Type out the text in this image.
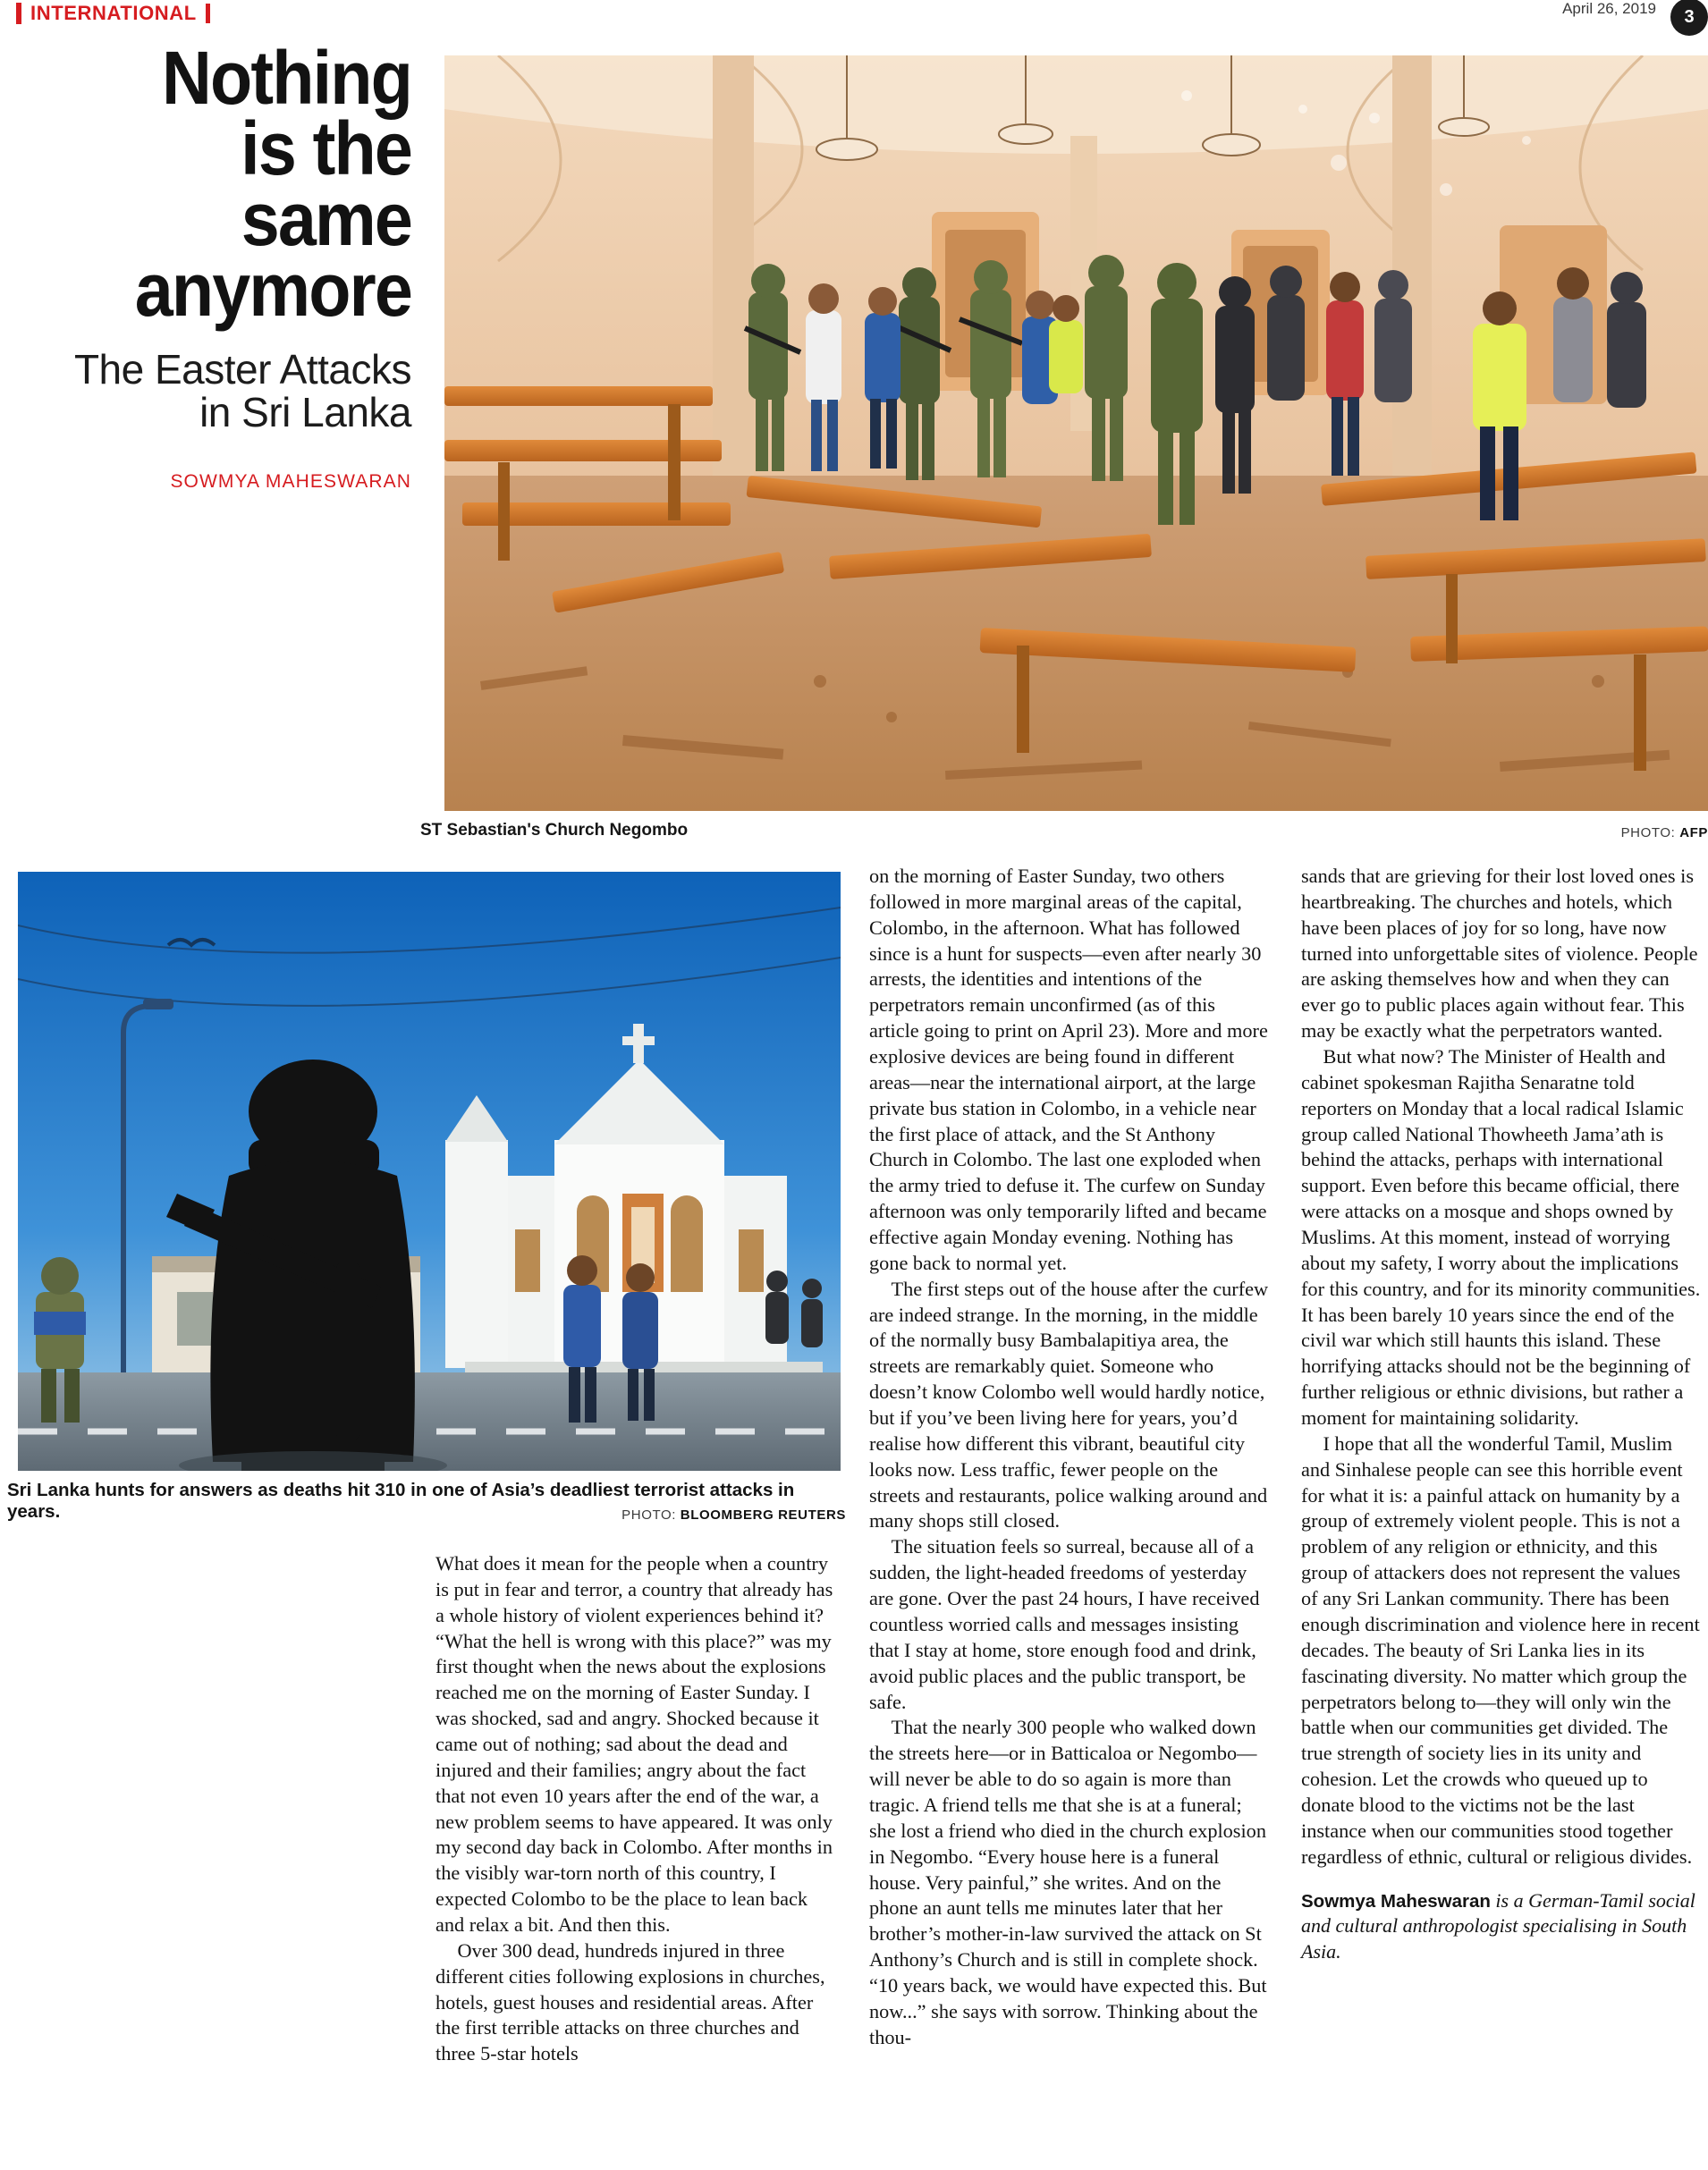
INTERNATIONAL	April 26, 2019	3
Nothing
is the
same
anymore
The Easter Attacks
in Sri Lanka
SOWMYA MAHESWARAN
ST Sebastian's Church Negombo	PHOTO: AFP
Sri Lanka hunts for answers as deaths hit 310 in one of Asia’s deadliest terrorist attacks in years.	PHOTO: BLOOMBERG REUTERS

What does it mean for the people when a country is put in fear and terror, a country that already has a whole history of violent experiences behind it? “What the hell is wrong with this place?” was my first thought when the news about the explosions reached me on the morning of Easter Sunday. I was shocked, sad and angry. Shocked because it came out of nothing; sad about the dead and injured and their families; angry about the fact that not even 10 years after the end of the war, a new problem seems to have appeared. It was only my second day back in Colombo. After months in the visibly war-torn north of this country, I expected Colombo to be the place to lean back and relax a bit. And then this.

Over 300 dead, hundreds injured in three different cities following explosions in churches, hotels, guest houses and residential areas. After the first terrible attacks on three churches and three 5-star hotels

on the morning of Easter Sunday, two others followed in more marginal areas of the capital, Colombo, in the afternoon. What has followed since is a hunt for suspects—even after nearly 30 arrests, the identities and intentions of the perpetrators remain unconfirmed (as of this article going to print on April 23). More and more explosive devices are being found in different areas—near the international airport, at the large private bus station in Colombo, in a vehicle near the first place of attack, and the St Anthony Church in Colombo. The last one exploded when the army tried to defuse it. The curfew on Sunday afternoon was only temporarily lifted and became effective again Monday evening. Nothing has gone back to normal yet.

The first steps out of the house after the curfew are indeed strange. In the morning, in the middle of the normally busy Bambalapitiya area, the streets are remarkably quiet. Someone who doesn’t know Colombo well would hardly notice, but if you’ve been living here for years, you’d realise how different this vibrant, beautiful city looks now. Less traffic, fewer people on the streets and restaurants, police walking around and many shops still closed.

The situation feels so surreal, because all of a sudden, the light-headed freedoms of yesterday are gone. Over the past 24 hours, I have received countless worried calls and messages insisting that I stay at home, store enough food and drink, avoid public places and the public transport, be safe.

That the nearly 300 people who walked down the streets here—or in Batticaloa or Negombo—will never be able to do so again is more than tragic. A friend tells me that she is at a funeral; she lost a friend who died in the church explosion in Negombo. “Every house here is a funeral house. Very painful,” she writes. And on the phone an aunt tells me minutes later that her brother’s mother-in-law survived the attack on St Anthony’s Church and is still in complete shock. “10 years back, we would have expected this. But now...” she says with sorrow. Thinking about the thou-

sands that are grieving for their lost loved ones is heartbreaking. The churches and hotels, which have been places of joy for so long, have now turned into unforgettable sites of violence. People are asking themselves how and when they can ever go to public places again without fear. This may be exactly what the perpetrators wanted.

But what now? The Minister of Health and cabinet spokesman Rajitha Senaratne told reporters on Monday that a local radical Islamic group called National Thowheeth Jama’ath is behind the attacks, perhaps with international support. Even before this became official, there were attacks on a mosque and shops owned by Muslims. At this moment, instead of worrying about my safety, I worry about the implications for this country, and for its minority communities. It has been barely 10 years since the end of the civil war which still haunts this island. These horrifying attacks should not be the beginning of further religious or ethnic divisions, but rather a moment for maintaining solidarity.

I hope that all the wonderful Tamil, Muslim and Sinhalese people can see this horrible event for what it is: a painful attack on humanity by a group of extremely violent people. This is not a problem of any religion or ethnicity, and this group of attackers does not represent the values of any Sri Lankan community. There has been enough discrimination and violence here in recent decades. The beauty of Sri Lanka lies in its fascinating diversity. No matter which group the perpetrators belong to—they will only win the battle when our communities get divided. The true strength of society lies in its unity and cohesion. Let the crowds who queued up to donate blood to the victims not be the last instance when our communities stood together regardless of ethnic, cultural or religious divides.

Sowmya Maheswaran is a German-Tamil social and cultural anthropologist specialising in South Asia.
